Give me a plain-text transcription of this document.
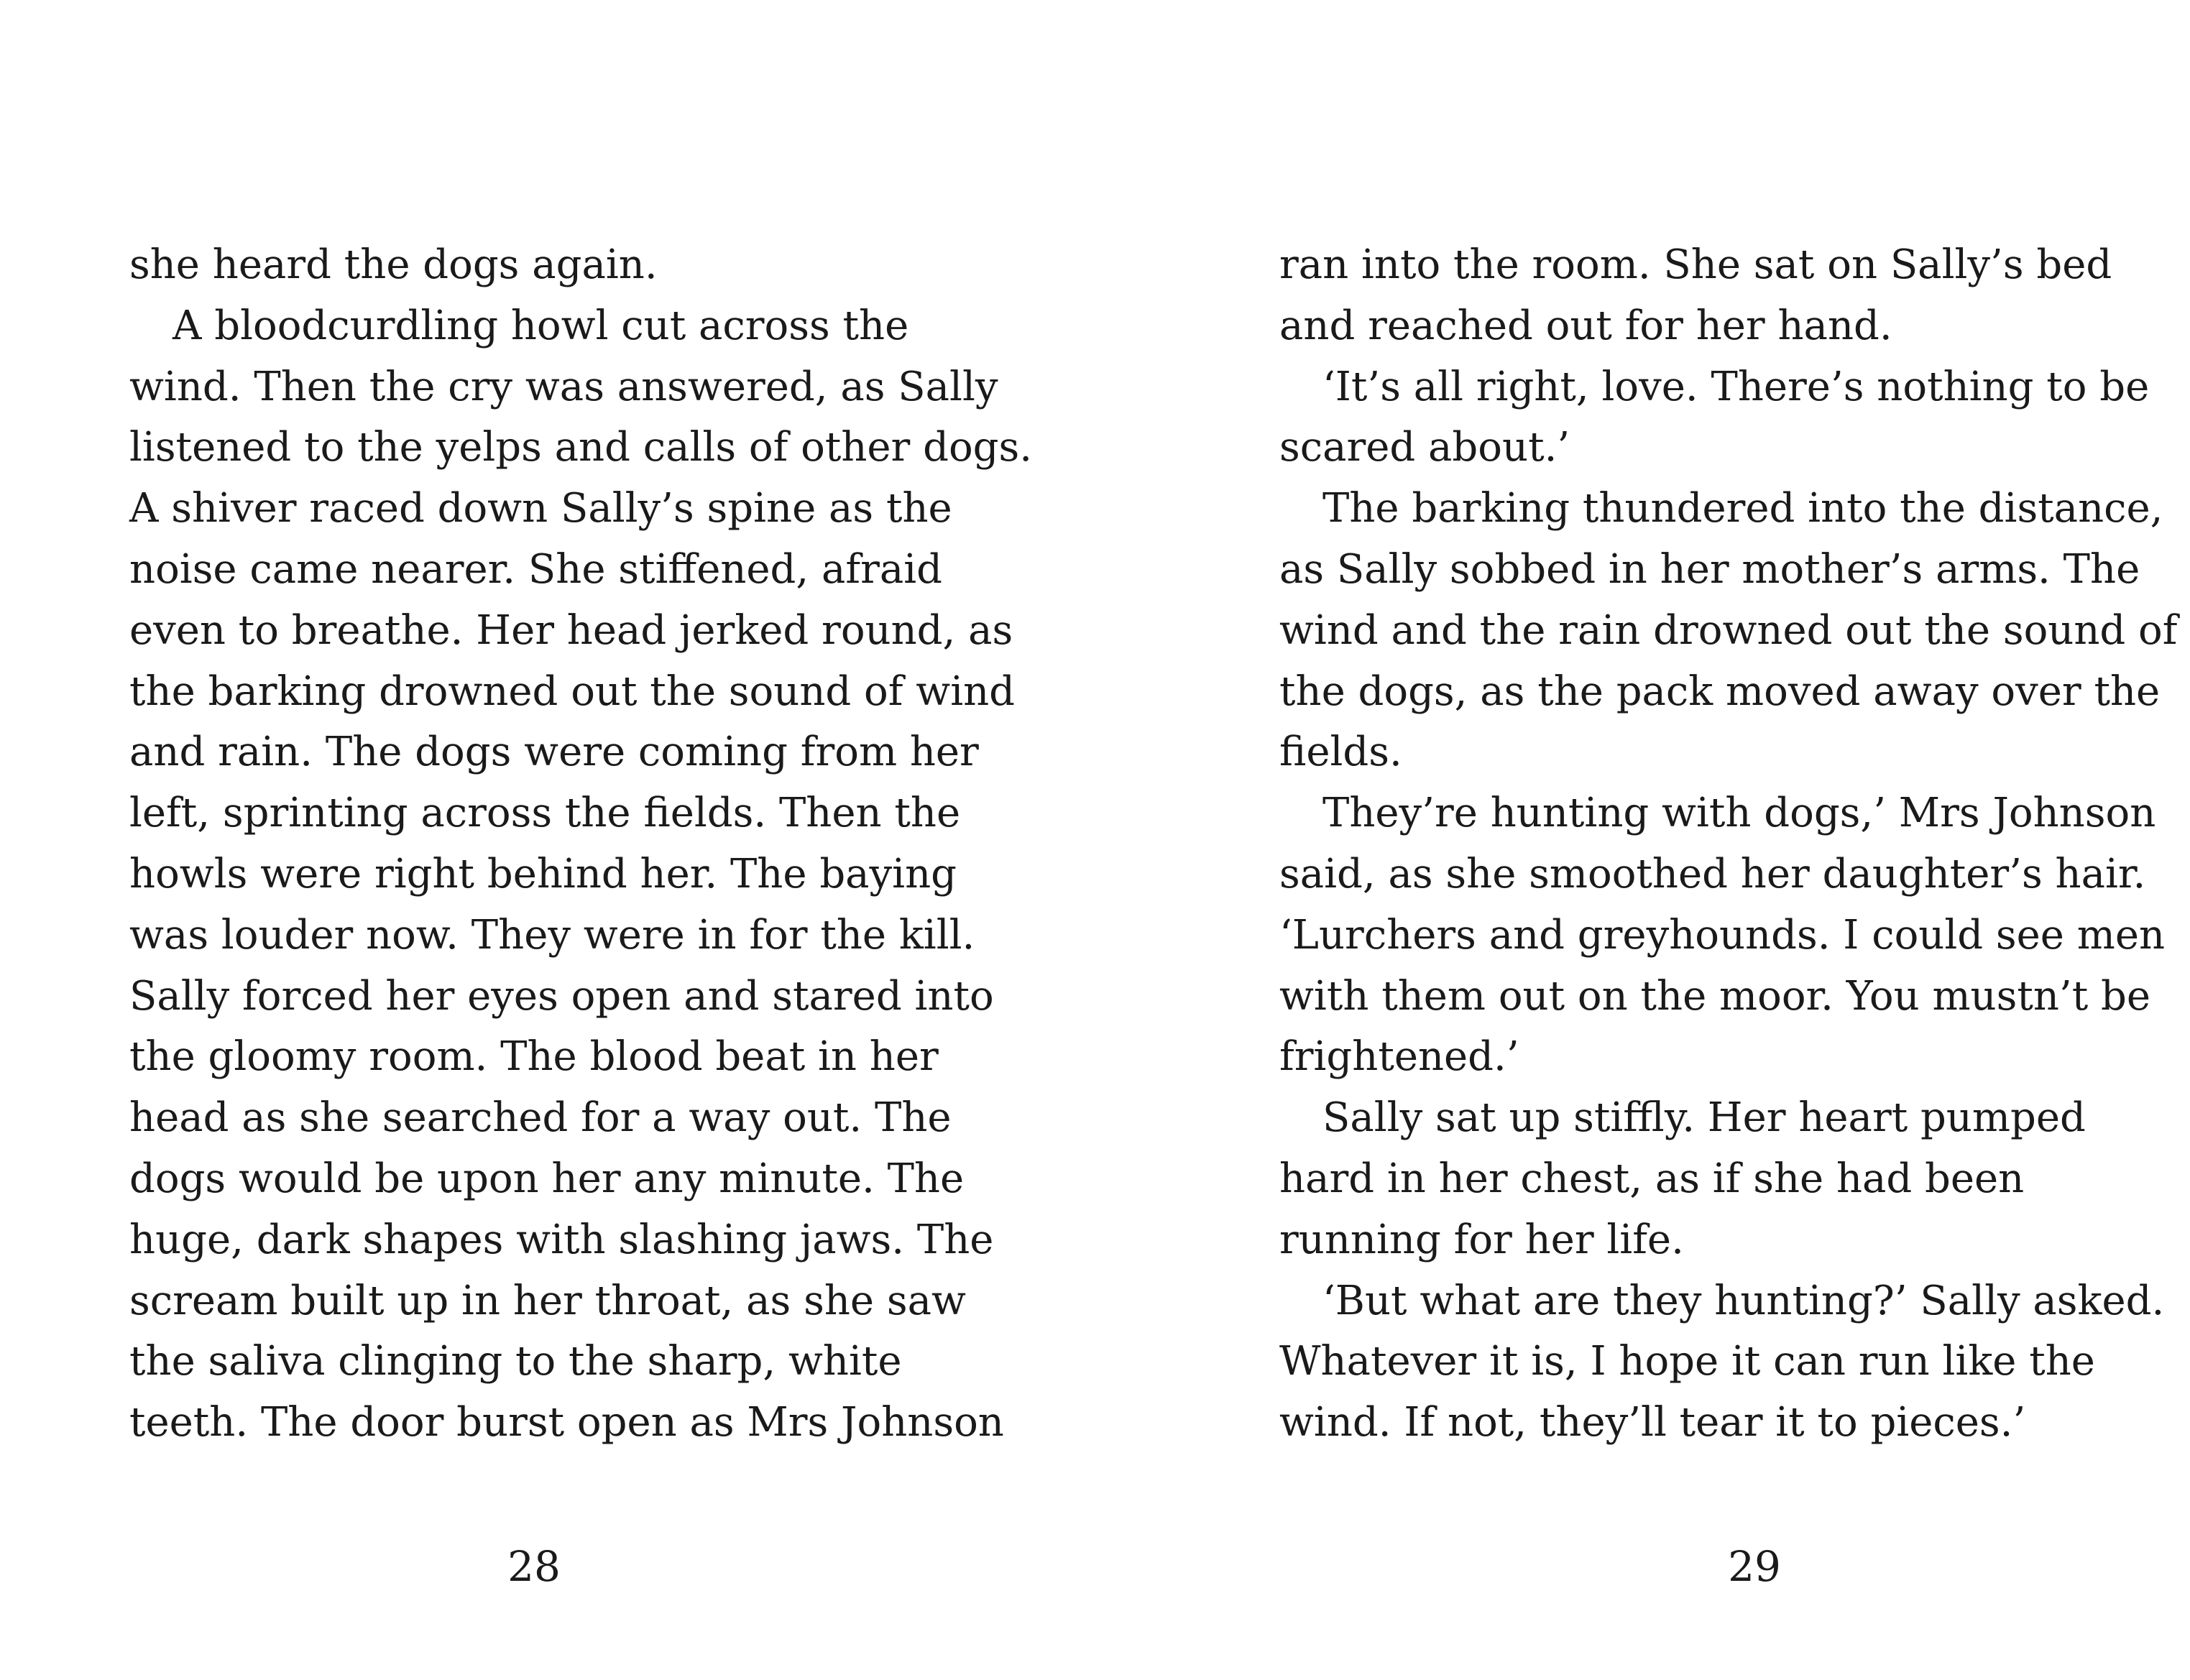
she heard the dogs again.
A bloodcurdling howl cut across the
wind. Then the cry was answered, as Sally
listened to the yelps and calls of other dogs.
A shiver raced down Sally’s spine as the
noise came nearer. She stiffened, afraid
even to breathe. Her head jerked round, as
the barking drowned out the sound of wind
and rain. The dogs were coming from her
left, sprinting across the fields. Then the
howls were right behind her. The baying
was louder now. They were in for the kill.
Sally forced her eyes open and stared into
the gloomy room. The blood beat in her
head as she searched for a way out. The
dogs would be upon her any minute. The
huge, dark shapes with slashing jaws. The
scream built up in her throat, as she saw
the saliva clinging to the sharp, white
teeth. The door burst open as Mrs Johnson
28
ran into the room. She sat on Sally’s bed
and reached out for her hand.
‘It’s all right, love. There’s nothing to be
scared about.’
The barking thundered into the distance,
as Sally sobbed in her mother’s arms. The
wind and the rain drowned out the sound of
the dogs, as the pack moved away over the
fields.
They’re hunting with dogs,’ Mrs Johnson
said, as she smoothed her daughter’s hair.
‘Lurchers and greyhounds. I could see men
with them out on the moor. You mustn’t be
frightened.’
Sally sat up stiffly. Her heart pumped
hard in her chest, as if she had been
running for her life.
‘But what are they hunting?’ Sally asked.
Whatever it is, I hope it can run like the
wind. If not, they’ll tear it to pieces.’
29
